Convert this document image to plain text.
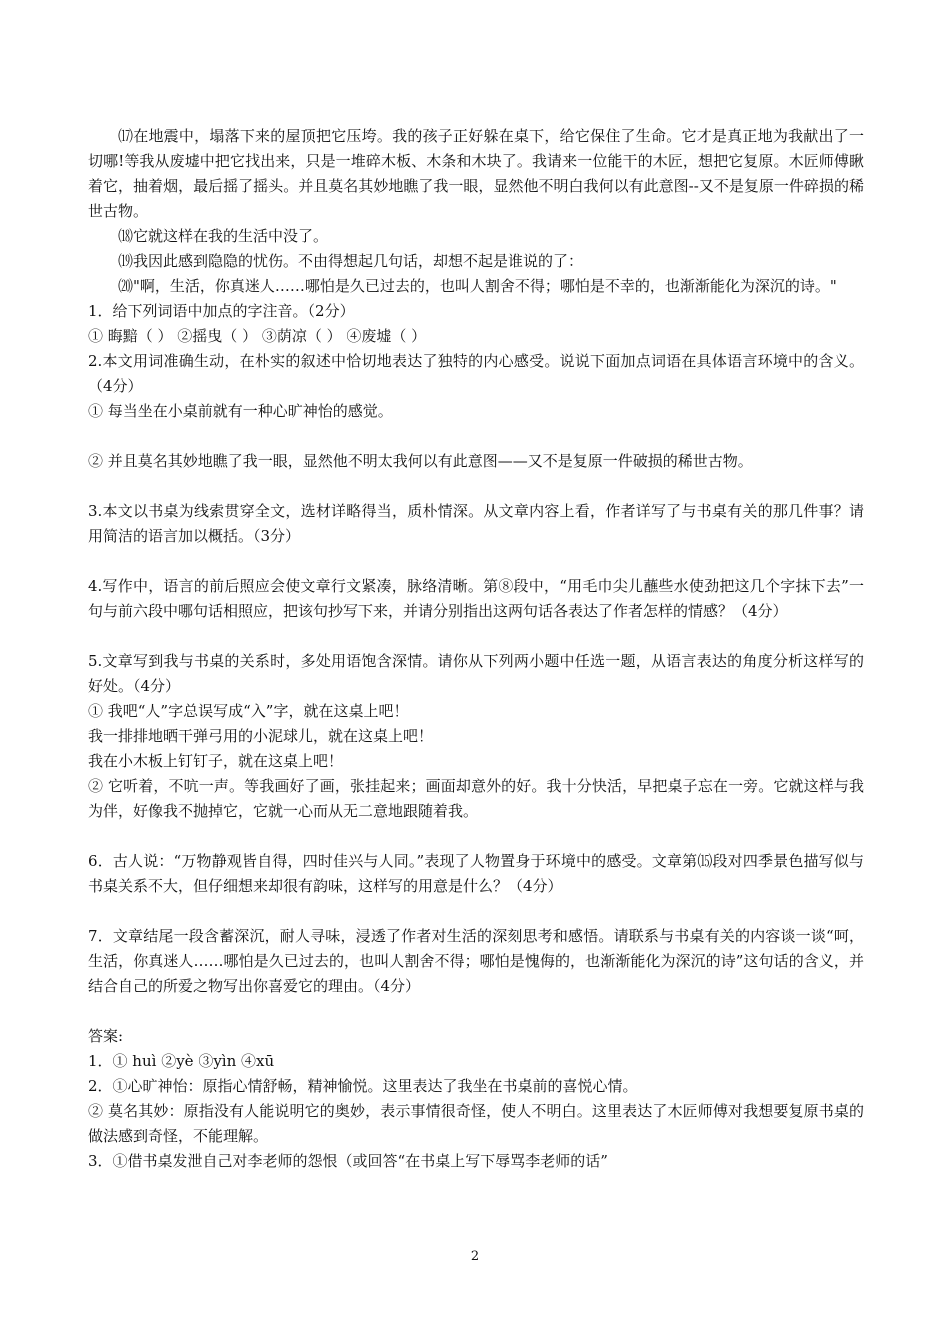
⒄在地震中，塌落下来的屋顶把它压垮。我的孩子正好躲在桌下，给它保住了生命。它才是真正地为我献出了一切哪!等我从废墟中把它找出来，只是一堆碎木板、木条和木块了。我请来一位能干的木匠，想把它复原。木匠师傅瞅着它，抽着烟，最后摇了摇头。并且莫名其妙地瞧了我一眼，显然他不明白我何以有此意图--又不是复原一件碎损的稀世古物。

⒅它就这样在我的生活中没了。

⒆我因此感到隐隐的忧伤。不由得想起几句话，却想不起是谁说的了：

⒇"啊，生活，你真迷人……哪怕是久已过去的，也叫人割舍不得；哪怕是不幸的，也渐渐能化为深沉的诗。"

1．给下列词语中加点的字注音。（2分）

① 晦黯（ ） ②摇曳（ ） ③荫凉（ ） ④废墟（ ）

2.本文用词准确生动，在朴实的叙述中恰切地表达了独特的内心感受。说说下面加点词语在具体语言环境中的含义。（4分）

① 每当坐在小桌前就有一种心旷神怡的感觉。

② 并且莫名其妙地瞧了我一眼，显然他不明太我何以有此意图——又不是复原一件破损的稀世古物。

3.本文以书桌为线索贯穿全文，选材详略得当，质朴情深。从文章内容上看，作者详写了与书桌有关的那几件事？请用简洁的语言加以概括。（3分）

4.写作中，语言的前后照应会使文章行文紧凑，脉络清晰。第⑧段中，“用毛巾尖儿蘸些水使劲把这几个字抹下去”一句与前六段中哪句话相照应，把该句抄写下来，并请分别指出这两句话各表达了作者怎样的情感？（4分）

5.文章写到我与书桌的关系时，多处用语饱含深情。请你从下列两小题中任选一题，从语言表达的角度分析这样写的好处。（4分）

① 我吧“人”字总误写成“入”字，就在这桌上吧！

我一排排地晒干弹弓用的小泥球儿，就在这桌上吧！

我在小木板上钉钉子，就在这桌上吧！

② 它听着，不吭一声。等我画好了画，张挂起来；画面却意外的好。我十分快活，早把桌子忘在一旁。它就这样与我为伴，好像我不抛掉它，它就一心而从无二意地跟随着我。

6．古人说：“万物静观皆自得，四时佳兴与人同。”表现了人物置身于环境中的感受。文章第⒂段对四季景色描写似与书桌关系不大，但仔细想来却很有韵味，这样写的用意是什么？（4分）

7．文章结尾一段含蓄深沉，耐人寻味，浸透了作者对生活的深刻思考和感悟。请联系与书桌有关的内容谈一谈“呵，生活，你真迷人……哪怕是久已过去的，也叫人割舍不得；哪怕是愧侮的，也渐渐能化为深沉的诗”这句话的含义，并结合自己的所爱之物写出你喜爱它的理由。（4分）

答案:

1．① huì ②yè ③yìn ④xū

2．①心旷神怡：原指心情舒畅，精神愉悦。这里表达了我坐在书桌前的喜悦心情。

② 莫名其妙：原指没有人能说明它的奥妙，表示事情很奇怪，使人不明白。这里表达了木匠师傅对我想要复原书桌的做法感到奇怪，不能理解。

3．①借书桌发泄自己对李老师的怨恨（或回答“在书桌上写下辱骂李老师的话”

2
